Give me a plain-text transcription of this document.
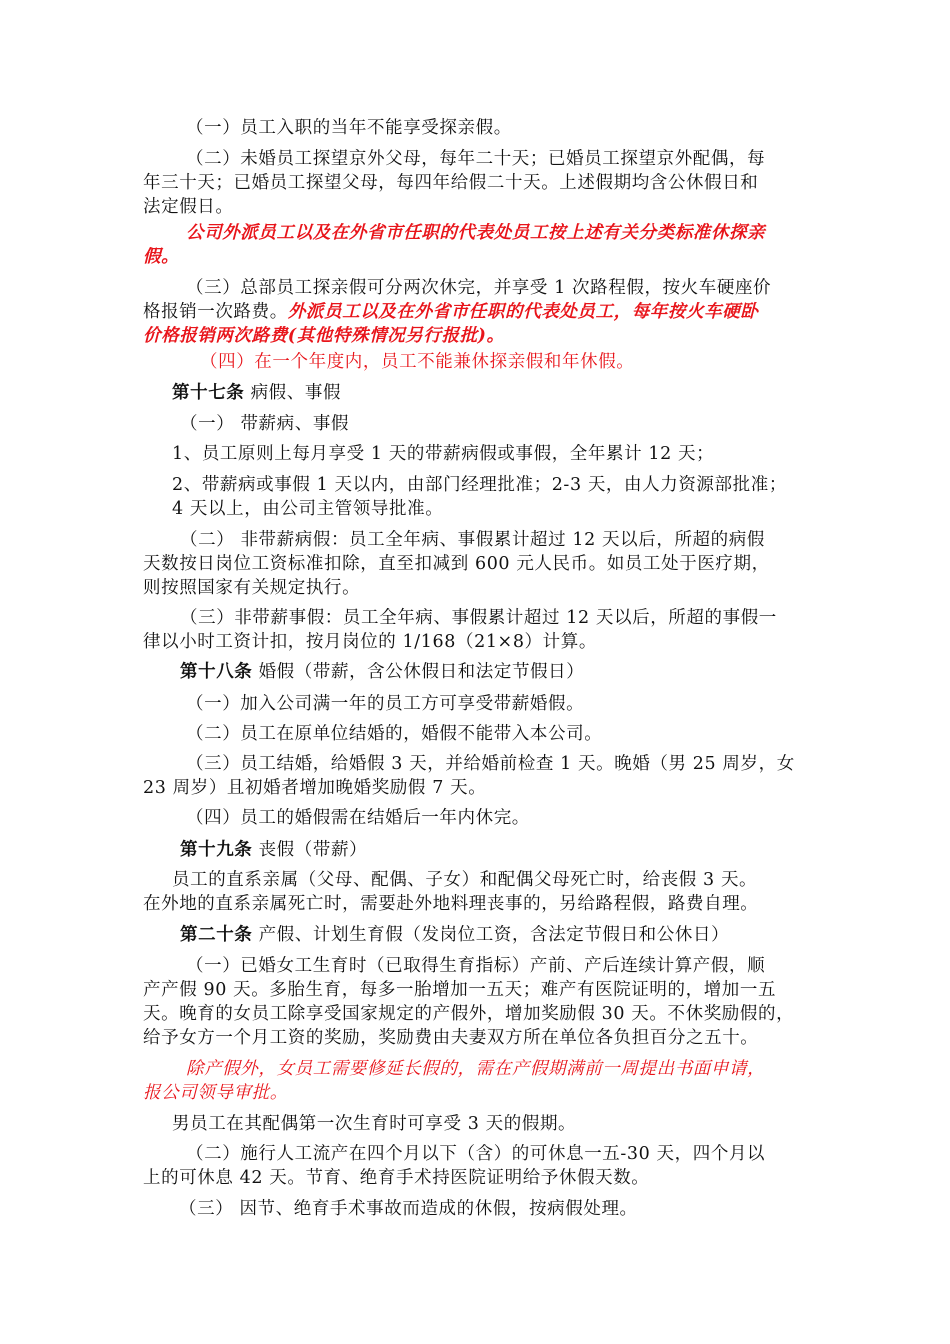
（一）员工入职的当年不能享受探亲假。
（二）未婚员工探望京外父母，每年二十天；已婚员工探望京外配偶，每
年三十天；已婚员工探望父母，每四年给假二十天。上述假期均含公休假日和
法定假日。
公司外派员工以及在外省市任职的代表处员工按上述有关分类标准休探亲
假。
（三）总部员工探亲假可分两次休完，并享受 1 次路程假，按火车硬座价
格报销一次路费。外派员工以及在外省市任职的代表处员工，每年按火车硬卧
价格报销两次路费(其他特殊情况另行报批)。
（四）在一个年度内，员工不能兼休探亲假和年休假。
第十七条 病假、事假
（一） 带薪病、事假
1、员工原则上每月享受 1 天的带薪病假或事假，全年累计 12 天；
2、带薪病或事假 1 天以内，由部门经理批准；2-3 天，由人力资源部批准；
4 天以上，由公司主管领导批准。
（二） 非带薪病假：员工全年病、事假累计超过 12 天以后，所超的病假
天数按日岗位工资标准扣除，直至扣减到 600 元人民币。如员工处于医疗期，
则按照国家有关规定执行。
（三）非带薪事假：员工全年病、事假累计超过 12 天以后，所超的事假一
律以小时工资计扣，按月岗位的 1/168（21×8）计算。
第十八条 婚假（带薪，含公休假日和法定节假日）
（一）加入公司满一年的员工方可享受带薪婚假。
（二）员工在原单位结婚的，婚假不能带入本公司。
（三）员工结婚，给婚假 3 天，并给婚前检查 1 天。晚婚（男 25 周岁，女
23 周岁）且初婚者增加晚婚奖励假 7 天。
（四）员工的婚假需在结婚后一年内休完。
第十九条 丧假（带薪）
员工的直系亲属（父母、配偶、子女）和配偶父母死亡时，给丧假 3 天。
在外地的直系亲属死亡时，需要赴外地料理丧事的，另给路程假，路费自理。
第二十条 产假、计划生育假（发岗位工资，含法定节假日和公休日）
（一）已婚女工生育时（已取得生育指标）产前、产后连续计算产假，顺
产产假 90 天。多胎生育，每多一胎增加一五天；难产有医院证明的，增加一五
天。晚育的女员工除享受国家规定的产假外，增加奖励假 30 天。不休奖励假的，
给予女方一个月工资的奖励，奖励费由夫妻双方所在单位各负担百分之五十。
除产假外，女员工需要修延长假的，需在产假期满前一周提出书面申请，
报公司领导审批。
男员工在其配偶第一次生育时可享受 3 天的假期。
（二）施行人工流产在四个月以下（含）的可休息一五-30 天，四个月以
上的可休息 42 天。节育、绝育手术持医院证明给予休假天数。
（三） 因节、绝育手术事故而造成的休假，按病假处理。
